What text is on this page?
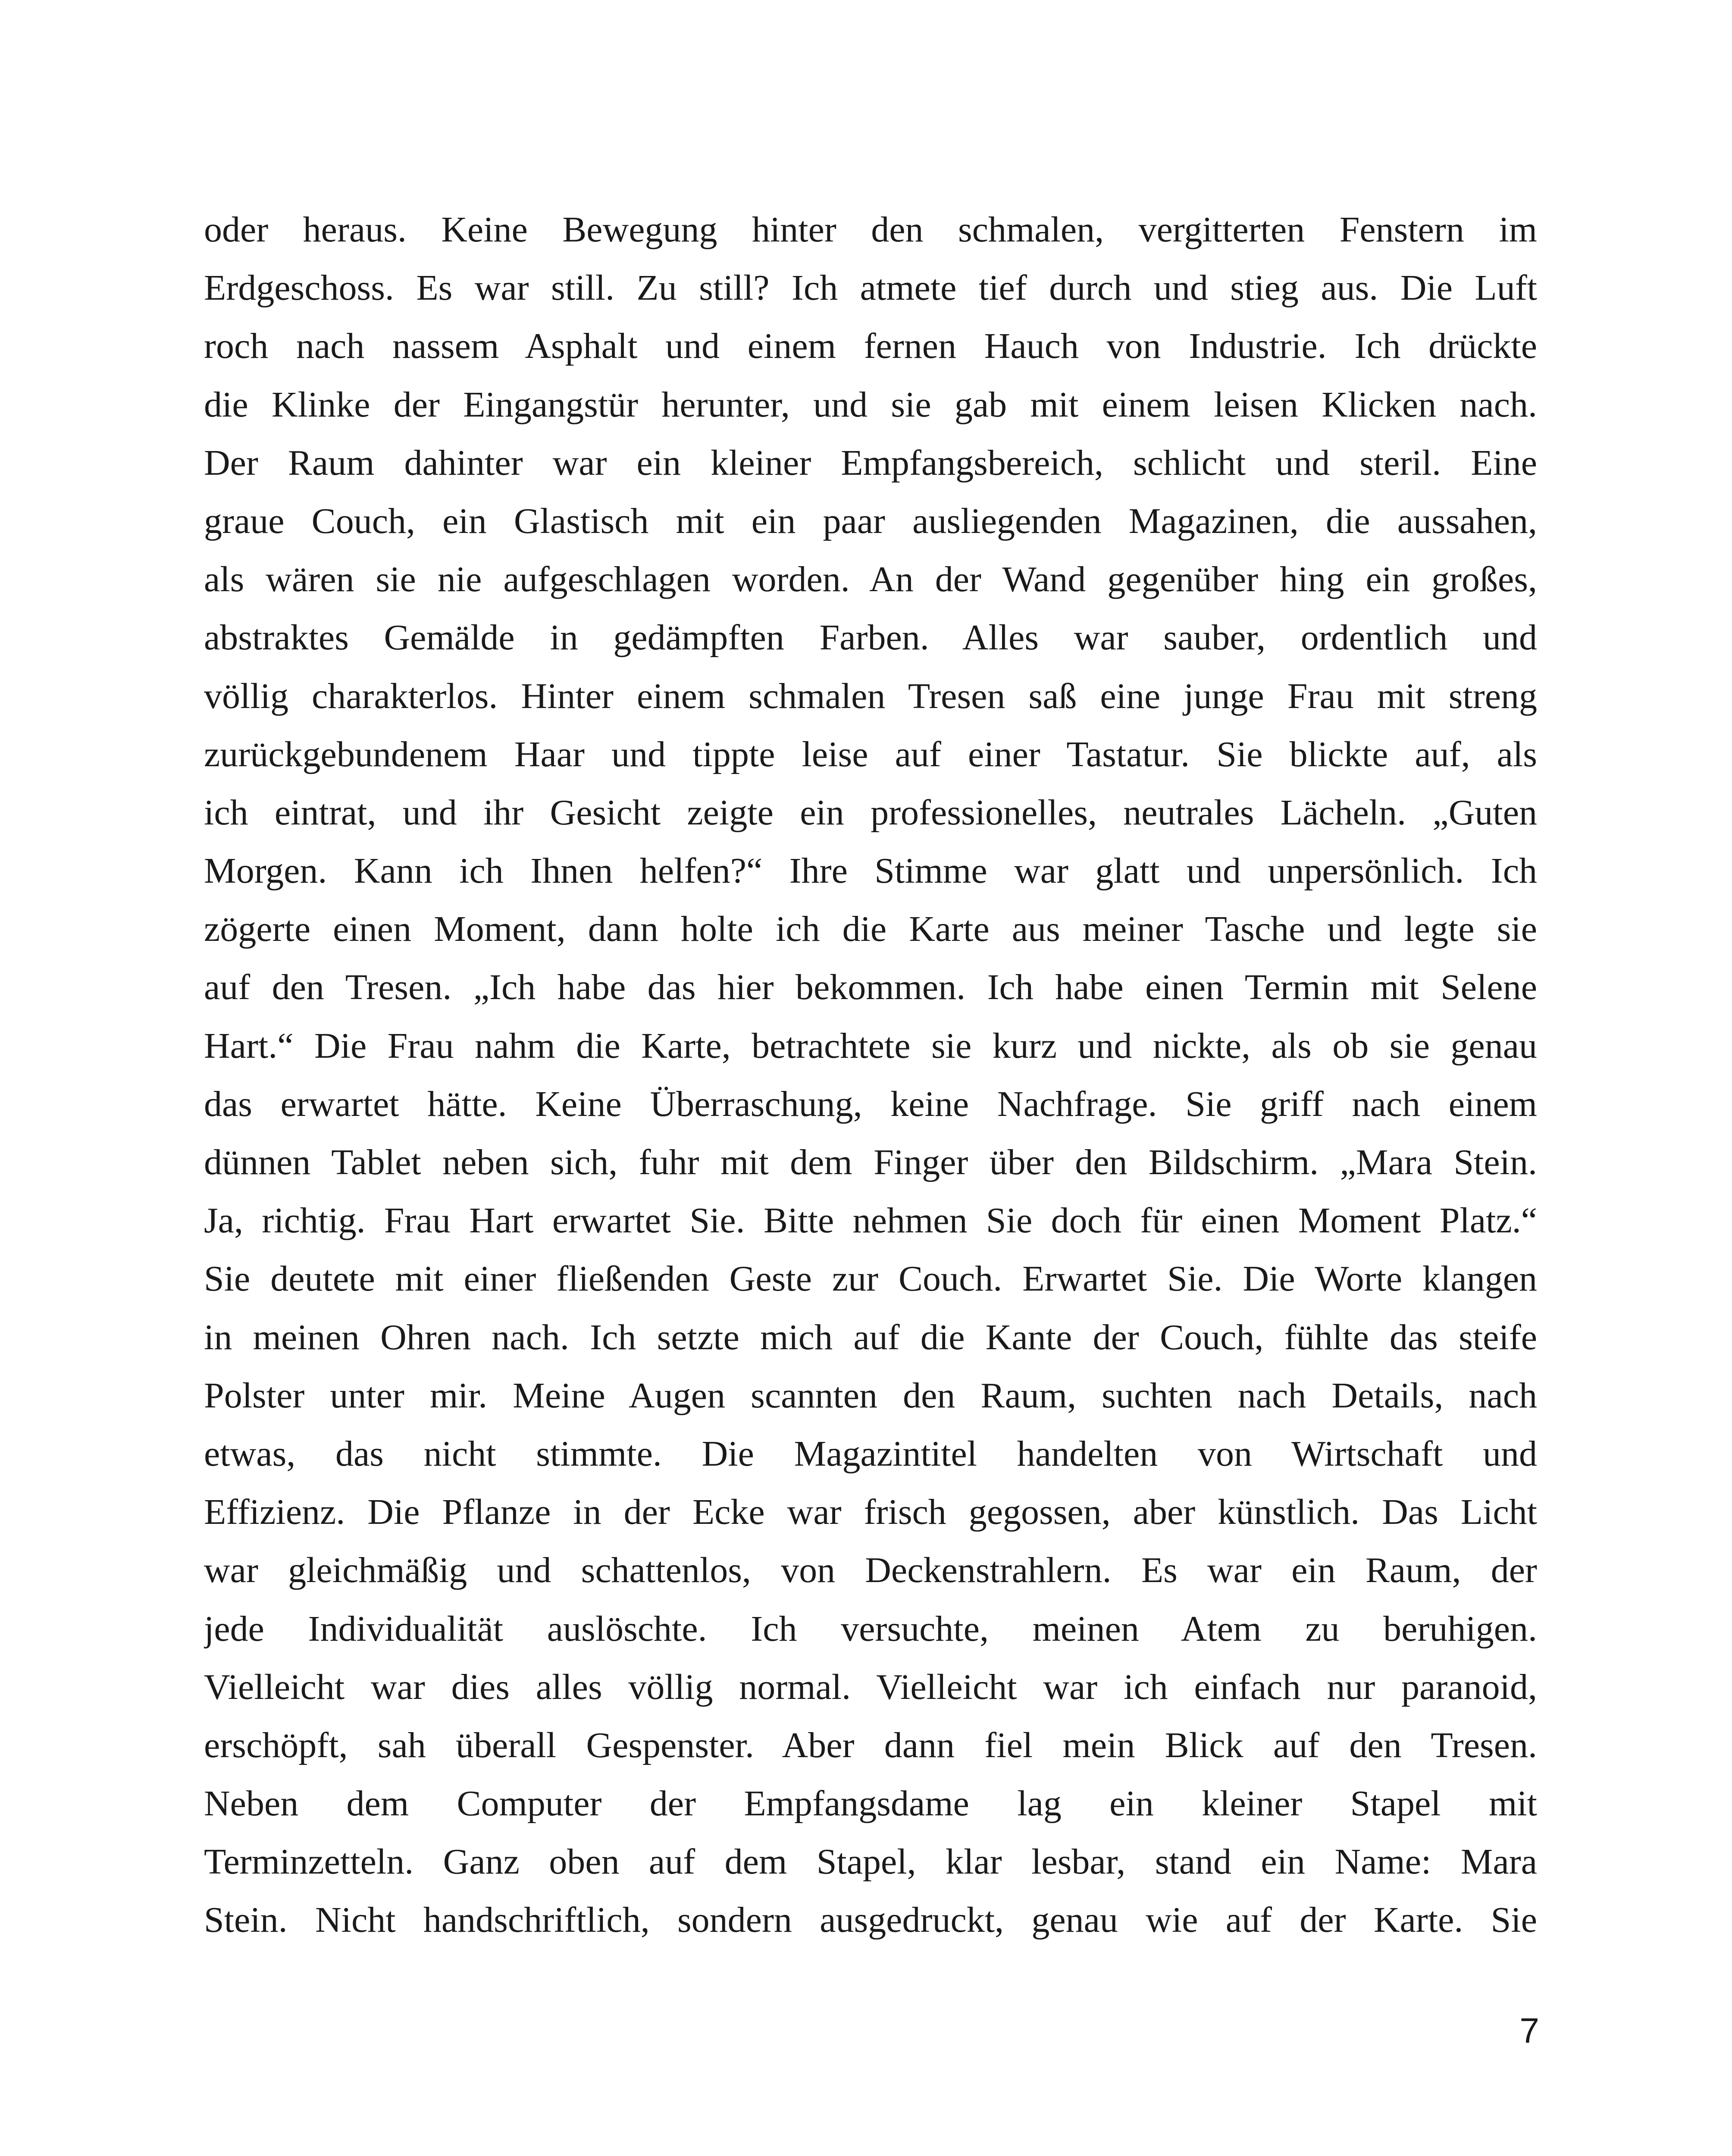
oder heraus. Keine Bewegung hinter den schmalen, vergitterten Fenstern im
Erdgeschoss. Es war still. Zu still? Ich atmete tief durch und stieg aus. Die Luft
roch nach nassem Asphalt und einem fernen Hauch von Industrie. Ich drückte
die Klinke der Eingangstür herunter, und sie gab mit einem leisen Klicken nach.
Der Raum dahinter war ein kleiner Empfangsbereich, schlicht und steril. Eine
graue Couch, ein Glastisch mit ein paar ausliegenden Magazinen, die aussahen,
als wären sie nie aufgeschlagen worden. An der Wand gegenüber hing ein großes,
abstraktes Gemälde in gedämpften Farben. Alles war sauber, ordentlich und
völlig charakterlos. Hinter einem schmalen Tresen saß eine junge Frau mit streng
zurückgebundenem Haar und tippte leise auf einer Tastatur. Sie blickte auf, als
ich eintrat, und ihr Gesicht zeigte ein professionelles, neutrales Lächeln. „Guten
Morgen. Kann ich Ihnen helfen?“ Ihre Stimme war glatt und unpersönlich. Ich
zögerte einen Moment, dann holte ich die Karte aus meiner Tasche und legte sie
auf den Tresen. „Ich habe das hier bekommen. Ich habe einen Termin mit Selene
Hart.“ Die Frau nahm die Karte, betrachtete sie kurz und nickte, als ob sie genau
das erwartet hätte. Keine Überraschung, keine Nachfrage. Sie griff nach einem
dünnen Tablet neben sich, fuhr mit dem Finger über den Bildschirm. „Mara Stein.
Ja, richtig. Frau Hart erwartet Sie. Bitte nehmen Sie doch für einen Moment Platz.“
Sie deutete mit einer fließenden Geste zur Couch. Erwartet Sie. Die Worte klangen
in meinen Ohren nach. Ich setzte mich auf die Kante der Couch, fühlte das steife
Polster unter mir. Meine Augen scannten den Raum, suchten nach Details, nach
etwas, das nicht stimmte. Die Magazintitel handelten von Wirtschaft und
Effizienz. Die Pflanze in der Ecke war frisch gegossen, aber künstlich. Das Licht
war gleichmäßig und schattenlos, von Deckenstrahlern. Es war ein Raum, der
jede Individualität auslöschte. Ich versuchte, meinen Atem zu beruhigen.
Vielleicht war dies alles völlig normal. Vielleicht war ich einfach nur paranoid,
erschöpft, sah überall Gespenster. Aber dann fiel mein Blick auf den Tresen.
Neben dem Computer der Empfangsdame lag ein kleiner Stapel mit
Terminzetteln. Ganz oben auf dem Stapel, klar lesbar, stand ein Name: Mara
Stein. Nicht handschriftlich, sondern ausgedruckt, genau wie auf der Karte. Sie
7
